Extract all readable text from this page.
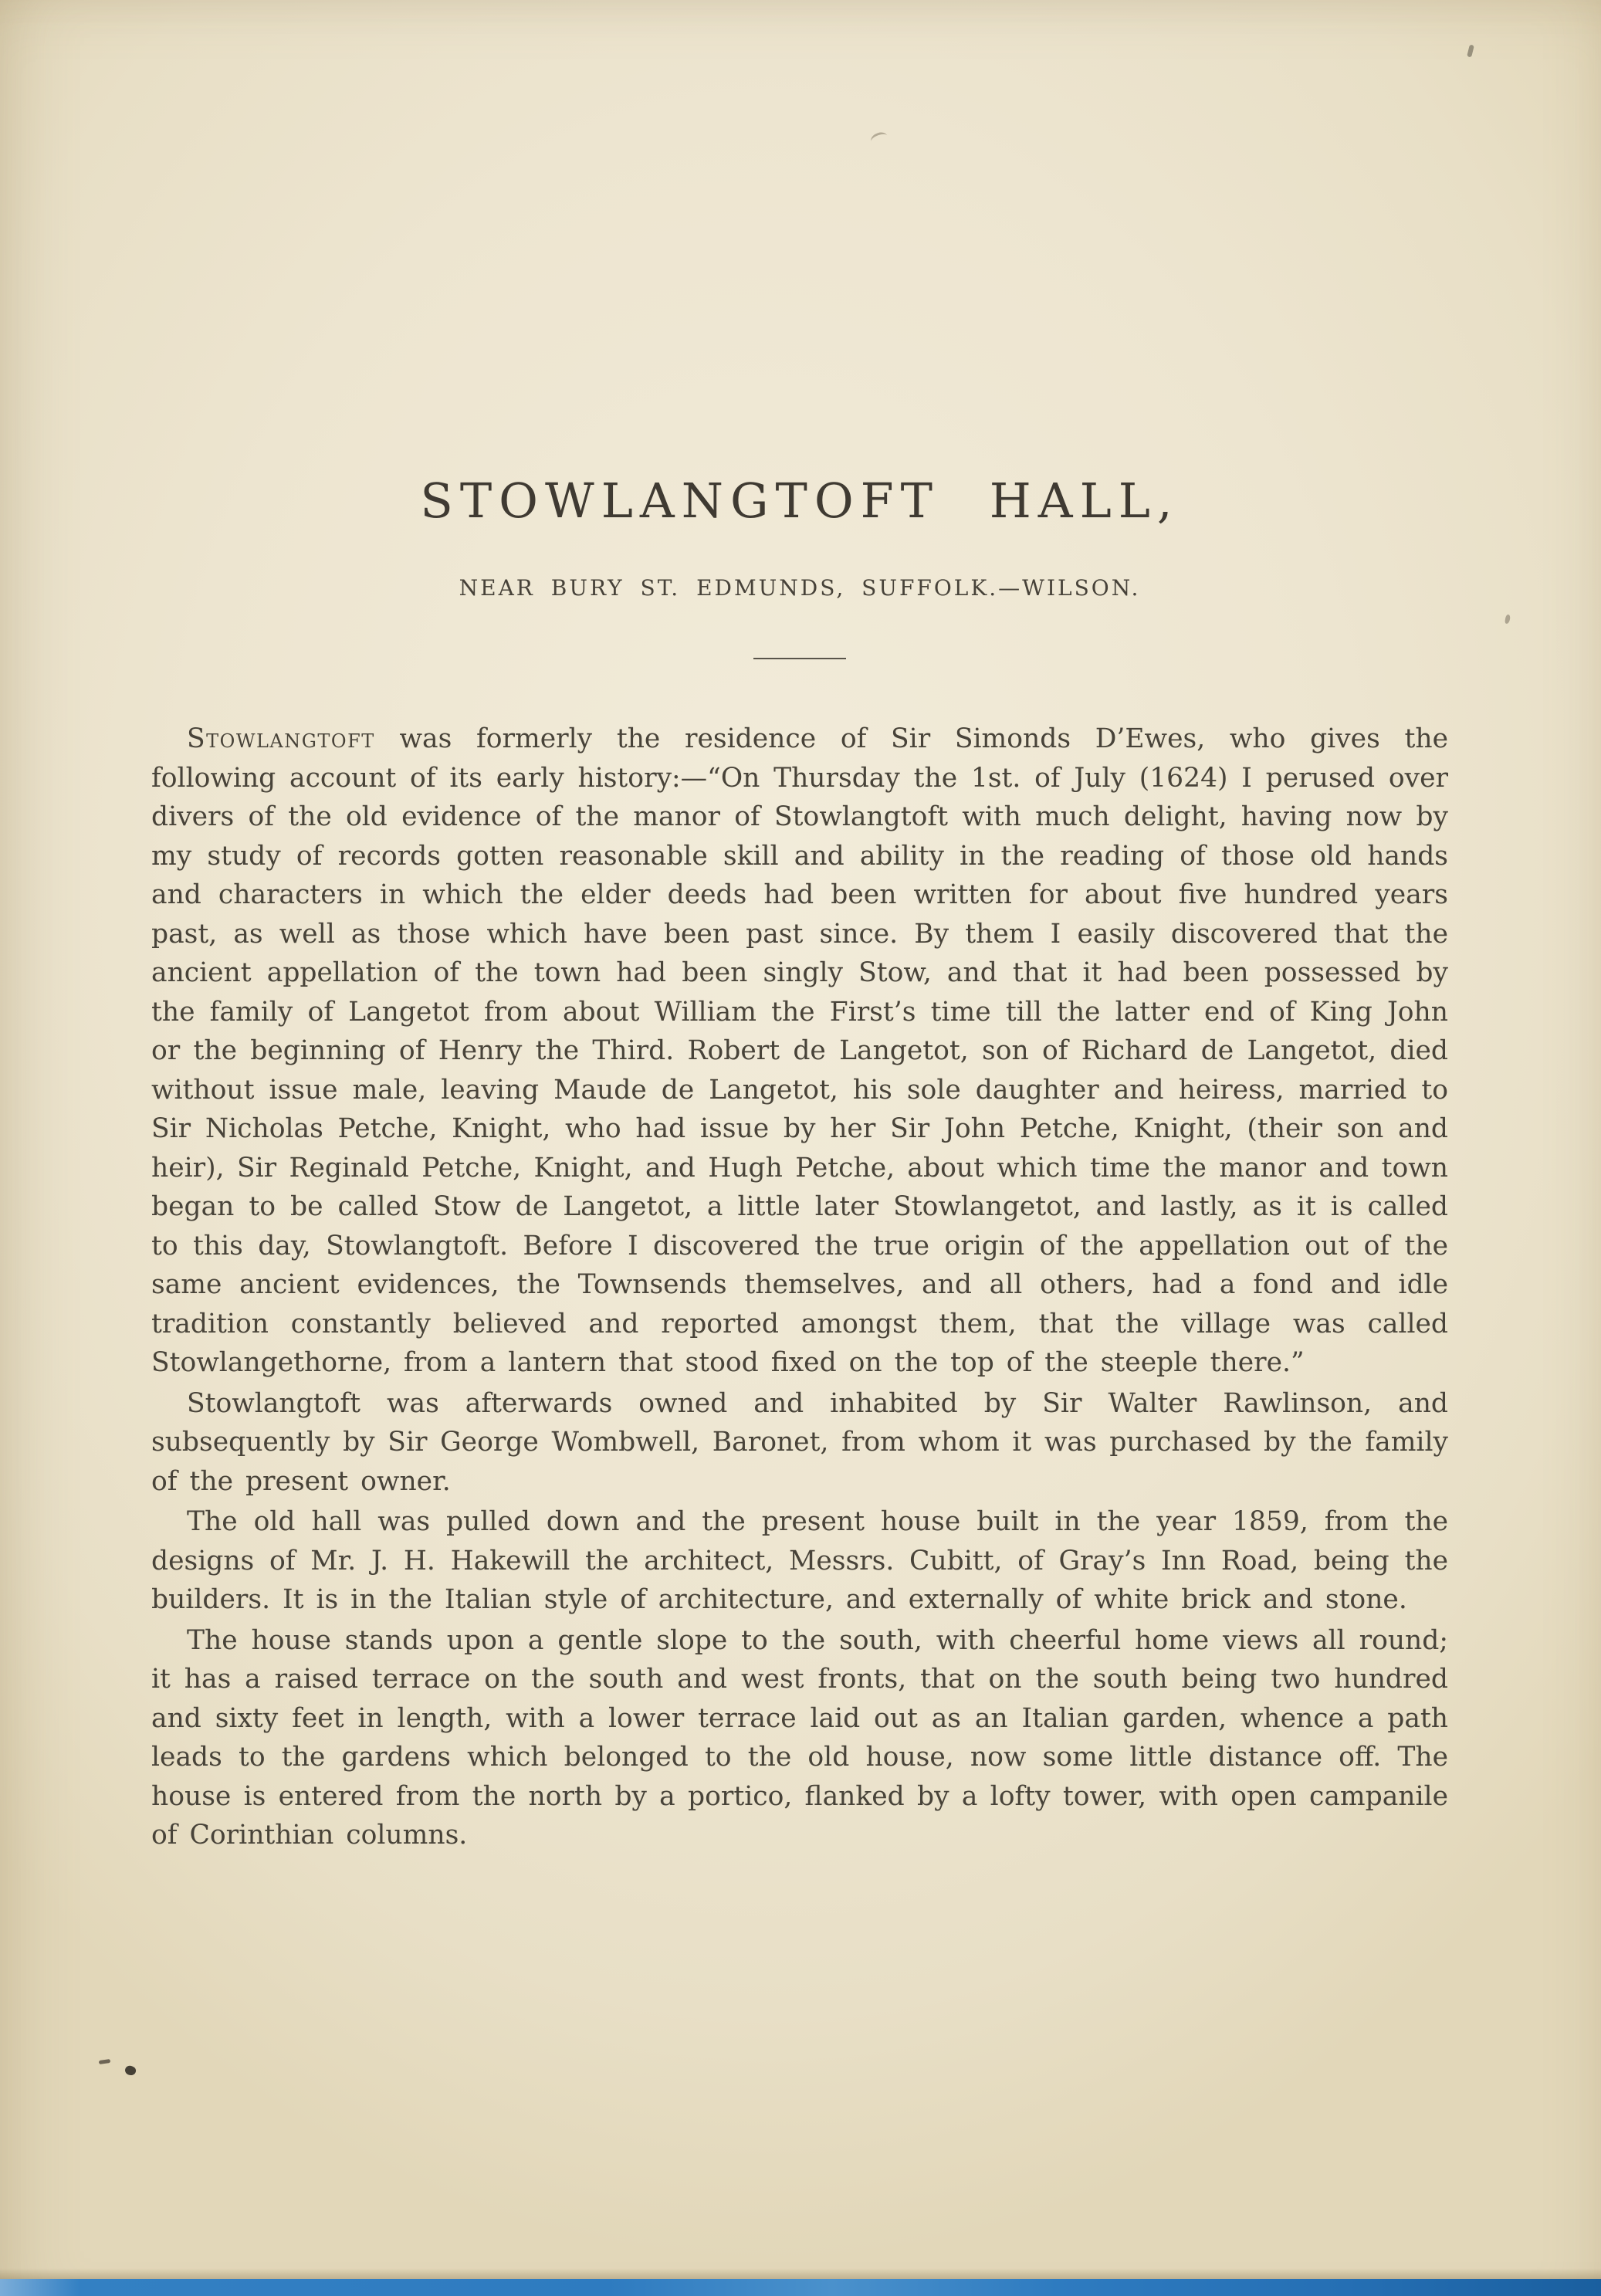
STOWLANGTOFT HALL,
NEAR BURY ST. EDMUNDS, SUFFOLK.—WILSON.

Stowlangtoft was formerly the residence of Sir Simonds D’Ewes, who gives the following account of its early history:—“On Thursday the 1st. of July (1624) I perused over divers of the old evidence of the manor of Stowlangtoft with much delight, having now by my study of records gotten reasonable skill and ability in the reading of those old hands and characters in which the elder deeds had been written for about five hundred years past, as well as those which have been past since. By them I easily discovered that the ancient appellation of the town had been singly Stow, and that it had been possessed by the family of Langetot from about William the First’s time till the latter end of King John or the beginning of Henry the Third. Robert de Langetot, son of Richard de Langetot, died without issue male, leaving Maude de Langetot, his sole daughter and heiress, married to Sir Nicholas Petche, Knight, who had issue by her Sir John Petche, Knight, (their son and heir), Sir Reginald Petche, Knight, and Hugh Petche, about which time the manor and town began to be called Stow de Langetot, a little later Stowlangetot, and lastly, as it is called to this day, Stowlangtoft. Before I discovered the true origin of the appellation out of the same ancient evidences, the Townsends themselves, and all others, had a fond and idle tradition constantly believed and reported amongst them, that the village was called Stowlangethorne, from a lantern that stood fixed on the top of the steeple there.”

Stowlangtoft was afterwards owned and inhabited by Sir Walter Rawlinson, and subsequently by Sir George Wombwell, Baronet, from whom it was purchased by the family of the present owner.

The old hall was pulled down and the present house built in the year 1859, from the designs of Mr. J. H. Hakewill the architect, Messrs. Cubitt, of Gray’s Inn Road, being the builders. It is in the Italian style of architecture, and externally of white brick and stone.

The house stands upon a gentle slope to the south, with cheerful home views all round; it has a raised terrace on the south and west fronts, that on the south being two hundred and sixty feet in length, with a lower terrace laid out as an Italian garden, whence a path leads to the gardens which belonged to the old house, now some little distance off. The house is entered from the north by a portico, flanked by a lofty tower, with open campanile of Corinthian columns.
